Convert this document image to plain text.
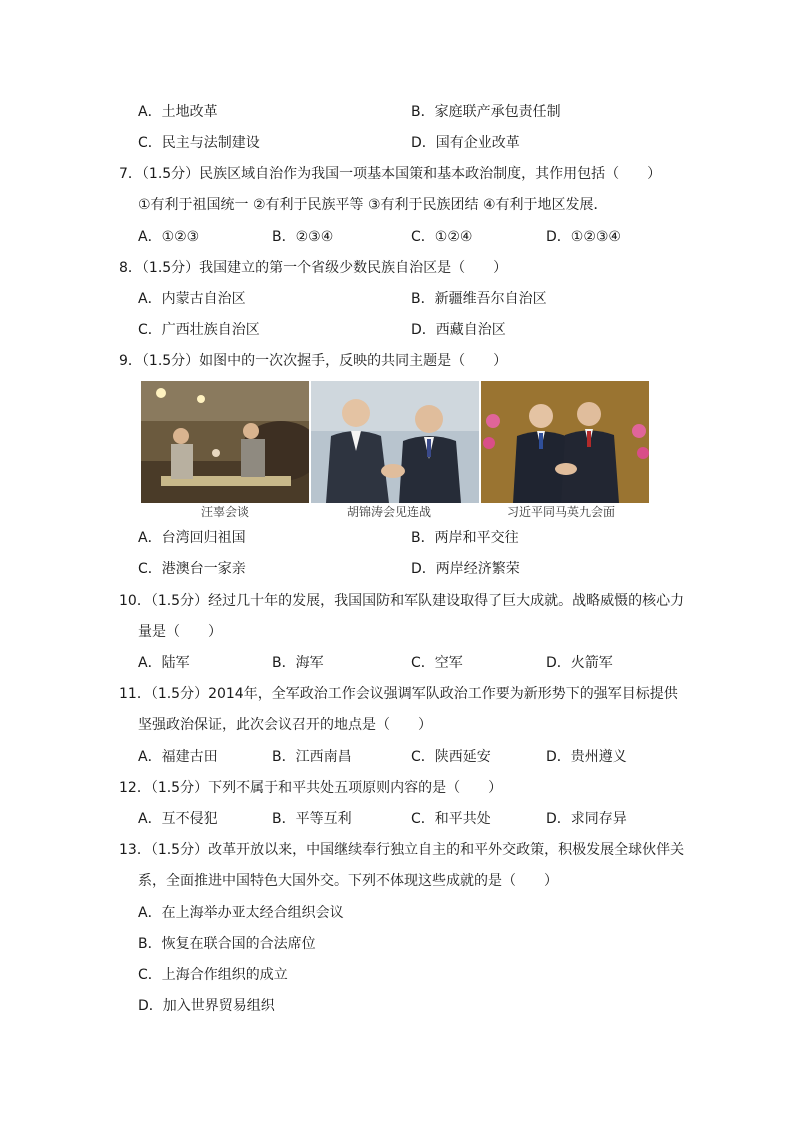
A．土地改革	B．家庭联产承包责任制
C．民主与法制建设	D．国有企业改革
7．（1.5分）民族区域自治作为我国一项基本国策和基本政治制度，其作用包括（　　）
①有利于祖国统一 ②有利于民族平等 ③有利于民族团结 ④有利于地区发展．
A．①②③	B．②③④	C．①②④	D．①②③④
8．（1.5分）我国建立的第一个省级少数民族自治区是（　　）
A．内蒙古自治区	B．新疆维吾尔自治区
C．广西壮族自治区	D．西藏自治区
9．（1.5分）如图中的一次次握手，反映的共同主题是（　　）
汪辜会谈	胡锦涛会见连战	习近平同马英九会面
A．台湾回归祖国	B．两岸和平交往
C．港澳台一家亲	D．两岸经济繁荣
10．（1.5分）经过几十年的发展，我国国防和军队建设取得了巨大成就。战略威慑的核心力
量是（　　）
A．陆军	B．海军	C．空军	D．火箭军
11．（1.5分）2014年，全军政治工作会议强调军队政治工作要为新形势下的强军目标提供
坚强政治保证，此次会议召开的地点是（　　）
A．福建古田	B．江西南昌	C．陕西延安	D．贵州遵义
12．（1.5分）下列不属于和平共处五项原则内容的是（　　）
A．互不侵犯	B．平等互利	C．和平共处	D．求同存异
13．（1.5分）改革开放以来，中国继续奉行独立自主的和平外交政策，积极发展全球伙伴关
系，全面推进中国特色大国外交。下列不体现这些成就的是（　　）
A．在上海举办亚太经合组织会议
B．恢复在联合国的合法席位
C．上海合作组织的成立
D．加入世界贸易组织
